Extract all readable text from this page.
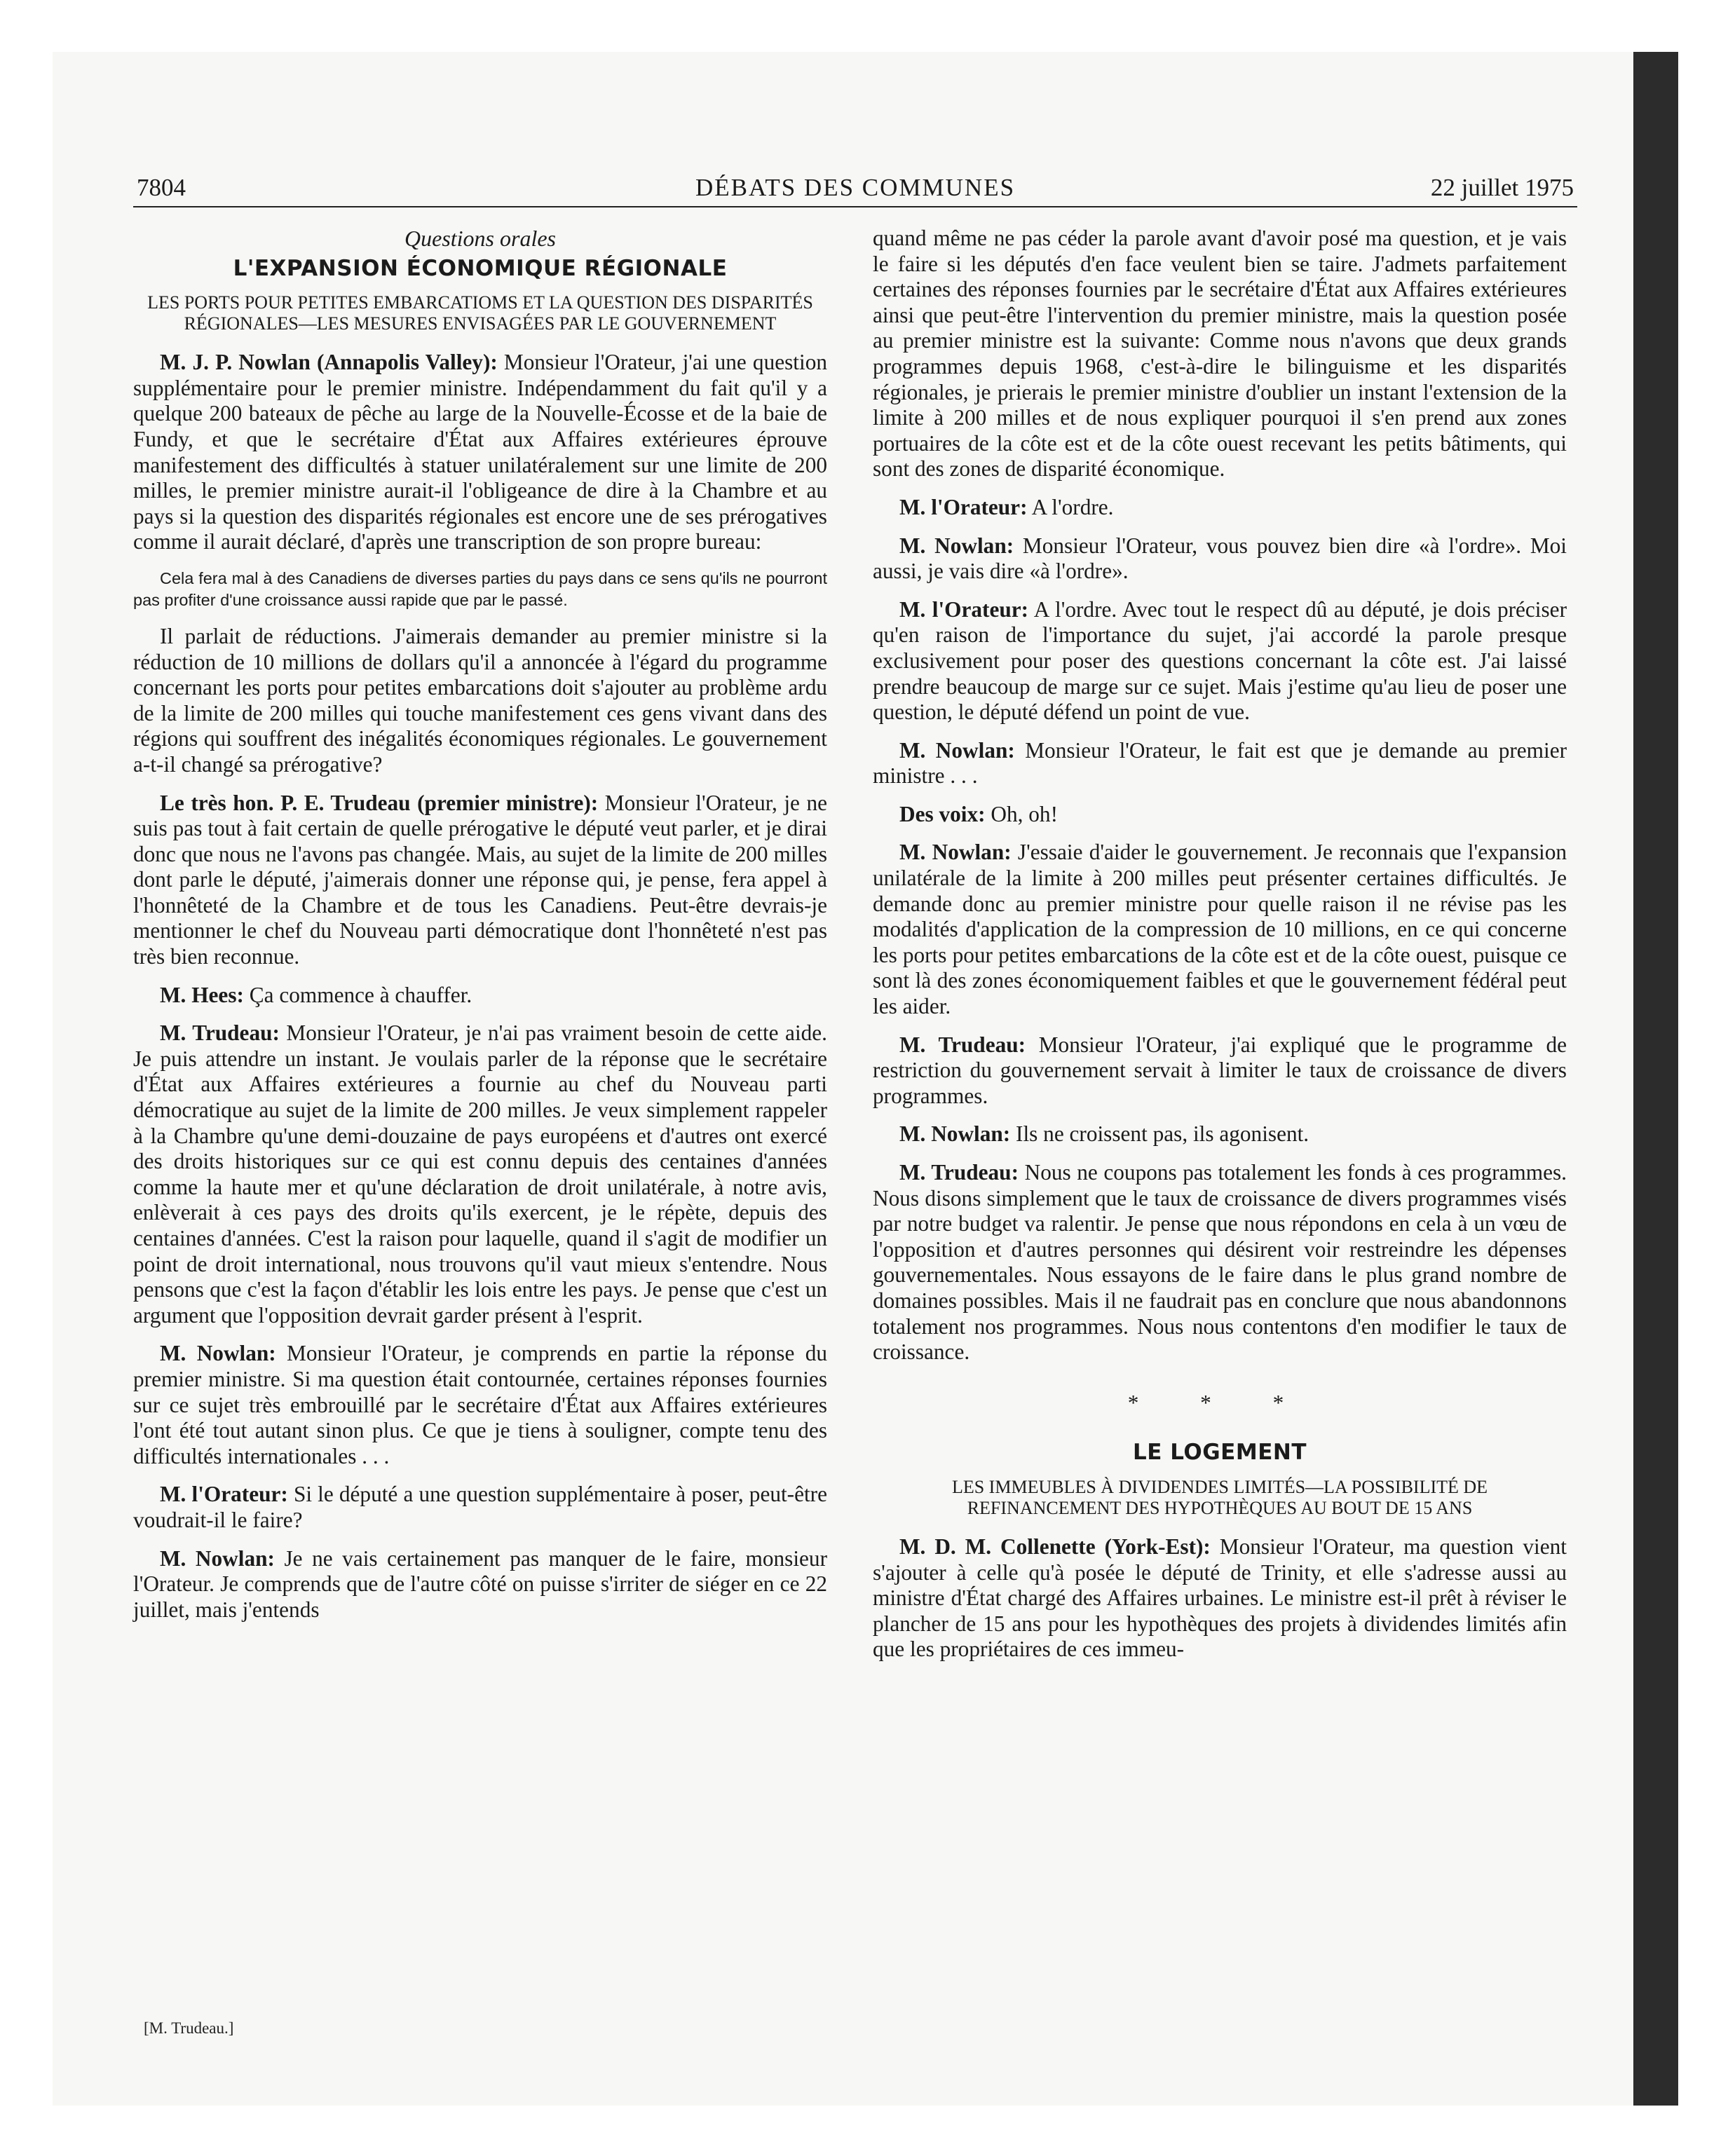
7804	DÉBATS DES COMMUNES	22 juillet 1975
Questions orales
L'EXPANSION ÉCONOMIQUE RÉGIONALE
LES PORTS POUR PETITES EMBARCATIOMS ET LA QUESTION DES DISPARITÉS RÉGIONALES—LES MESURES ENVISAGÉES PAR LE GOUVERNEMENT

M. J. P. Nowlan (Annapolis Valley): Monsieur l'Orateur, j'ai une question supplémentaire pour le premier ministre. Indépendamment du fait qu'il y a quelque 200 bateaux de pêche au large de la Nouvelle-Écosse et de la baie de Fundy, et que le secrétaire d'État aux Affaires extérieures éprouve manifestement des difficultés à statuer unilatéralement sur une limite de 200 milles, le premier ministre aurait-il l'obligeance de dire à la Chambre et au pays si la question des disparités régionales est encore une de ses prérogatives comme il aurait déclaré, d'après une transcription de son propre bureau:

Cela fera mal à des Canadiens de diverses parties du pays dans ce sens qu'ils ne pourront pas profiter d'une croissance aussi rapide que par le passé.

Il parlait de réductions. J'aimerais demander au premier ministre si la réduction de 10 millions de dollars qu'il a annoncée à l'égard du programme concernant les ports pour petites embarcations doit s'ajouter au problème ardu de la limite de 200 milles qui touche manifestement ces gens vivant dans des régions qui souffrent des inégalités économiques régionales. Le gouvernement a-t-il changé sa prérogative?

Le très hon. P. E. Trudeau (premier ministre): Monsieur l'Orateur, je ne suis pas tout à fait certain de quelle prérogative le député veut parler, et je dirai donc que nous ne l'avons pas changée. Mais, au sujet de la limite de 200 milles dont parle le député, j'aimerais donner une réponse qui, je pense, fera appel à l'honnêteté de la Chambre et de tous les Canadiens. Peut-être devrais-je mentionner le chef du Nouveau parti démocratique dont l'honnêteté n'est pas très bien reconnue.

M. Hees: Ça commence à chauffer.

M. Trudeau: Monsieur l'Orateur, je n'ai pas vraiment besoin de cette aide. Je puis attendre un instant. Je voulais parler de la réponse que le secrétaire d'État aux Affaires extérieures a fournie au chef du Nouveau parti démocratique au sujet de la limite de 200 milles. Je veux simplement rappeler à la Chambre qu'une demi-douzaine de pays européens et d'autres ont exercé des droits historiques sur ce qui est connu depuis des centaines d'années comme la haute mer et qu'une déclaration de droit unilatérale, à notre avis, enlèverait à ces pays des droits qu'ils exercent, je le répète, depuis des centaines d'années. C'est la raison pour laquelle, quand il s'agit de modifier un point de droit international, nous trouvons qu'il vaut mieux s'entendre. Nous pensons que c'est la façon d'établir les lois entre les pays. Je pense que c'est un argument que l'opposition devrait garder présent à l'esprit.

M. Nowlan: Monsieur l'Orateur, je comprends en partie la réponse du premier ministre. Si ma question était contournée, certaines réponses fournies sur ce sujet très embrouillé par le secrétaire d'État aux Affaires extérieures l'ont été tout autant sinon plus. Ce que je tiens à souligner, compte tenu des difficultés internationales . . .

M. l'Orateur: Si le député a une question supplémentaire à poser, peut-être voudrait-il le faire?

M. Nowlan: Je ne vais certainement pas manquer de le faire, monsieur l'Orateur. Je comprends que de l'autre côté on puisse s'irriter de siéger en ce 22 juillet, mais j'entends

quand même ne pas céder la parole avant d'avoir posé ma question, et je vais le faire si les députés d'en face veulent bien se taire. J'admets parfaitement certaines des réponses fournies par le secrétaire d'État aux Affaires extérieures ainsi que peut-être l'intervention du premier ministre, mais la question posée au premier ministre est la suivante: Comme nous n'avons que deux grands programmes depuis 1968, c'est-à-dire le bilinguisme et les disparités régionales, je prierais le premier ministre d'oublier un instant l'extension de la limite à 200 milles et de nous expliquer pourquoi il s'en prend aux zones portuaires de la côte est et de la côte ouest recevant les petits bâtiments, qui sont des zones de disparité économique.

M. l'Orateur: A l'ordre.

M. Nowlan: Monsieur l'Orateur, vous pouvez bien dire «à l'ordre». Moi aussi, je vais dire «à l'ordre».

M. l'Orateur: A l'ordre. Avec tout le respect dû au député, je dois préciser qu'en raison de l'importance du sujet, j'ai accordé la parole presque exclusivement pour poser des questions concernant la côte est. J'ai laissé prendre beaucoup de marge sur ce sujet. Mais j'estime qu'au lieu de poser une question, le député défend un point de vue.

M. Nowlan: Monsieur l'Orateur, le fait est que je demande au premier ministre . . .

Des voix: Oh, oh!

M. Nowlan: J'essaie d'aider le gouvernement. Je reconnais que l'expansion unilatérale de la limite à 200 milles peut présenter certaines difficultés. Je demande donc au premier ministre pour quelle raison il ne révise pas les modalités d'application de la compression de 10 millions, en ce qui concerne les ports pour petites embarcations de la côte est et de la côte ouest, puisque ce sont là des zones économiquement faibles et que le gouvernement fédéral peut les aider.

M. Trudeau: Monsieur l'Orateur, j'ai expliqué que le programme de restriction du gouvernement servait à limiter le taux de croissance de divers programmes.

M. Nowlan: Ils ne croissent pas, ils agonisent.

M. Trudeau: Nous ne coupons pas totalement les fonds à ces programmes. Nous disons simplement que le taux de croissance de divers programmes visés par notre budget va ralentir. Je pense que nous répondons en cela à un vœu de l'opposition et d'autres personnes qui désirent voir restreindre les dépenses gouvernementales. Nous essayons de le faire dans le plus grand nombre de domaines possibles. Mais il ne faudrait pas en conclure que nous abandonnons totalement nos programmes. Nous nous contentons d'en modifier le taux de croissance.

* * *
LE LOGEMENT
LES IMMEUBLES À DIVIDENDES LIMITÉS—LA POSSIBILITÉ DE REFINANCEMENT DES HYPOTHÈQUES AU BOUT DE 15 ANS

M. D. M. Collenette (York-Est): Monsieur l'Orateur, ma question vient s'ajouter à celle qu'à posée le député de Trinity, et elle s'adresse aussi au ministre d'État chargé des Affaires urbaines. Le ministre est-il prêt à réviser le plancher de 15 ans pour les hypothèques des projets à dividendes limités afin que les propriétaires de ces immeu-

[M. Trudeau.]
